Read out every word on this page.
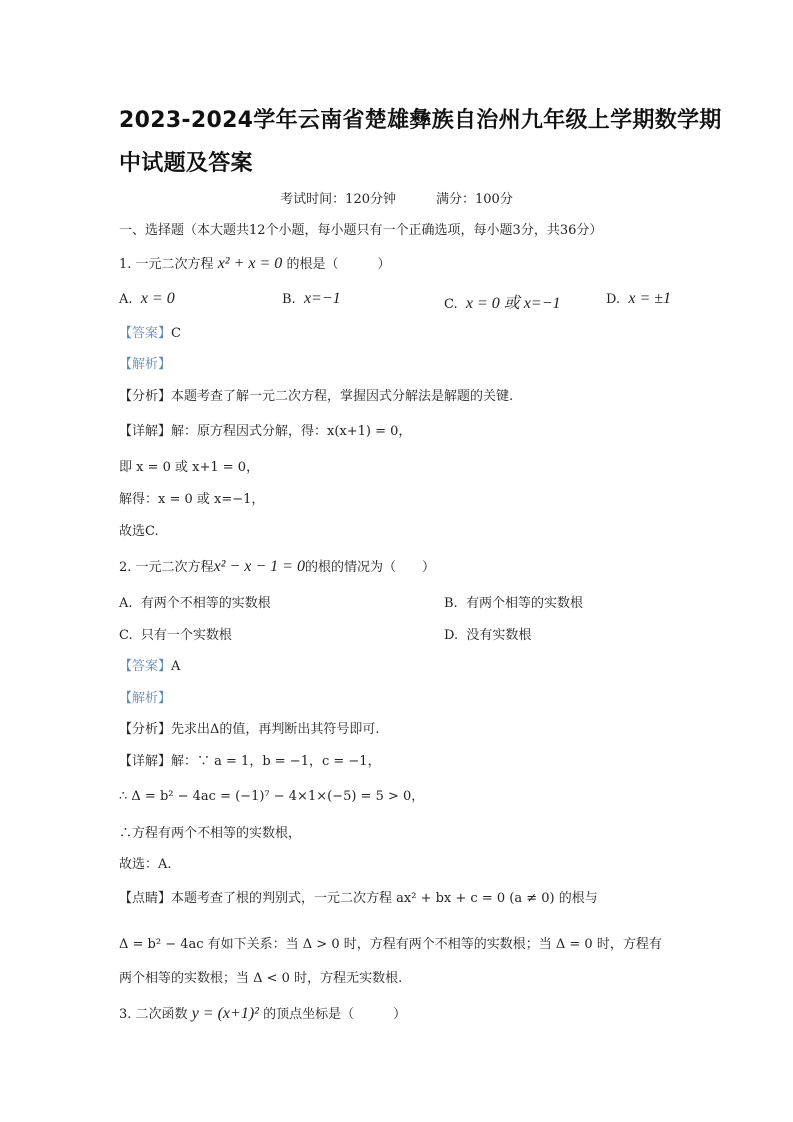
2023-2024学年云南省楚雄彝族自治州九年级上学期数学期
中试题及答案
考试时间：120分钟	满分：100分
一、选择题（本大题共12个小题，每小题只有一个正确选项，每小题3分，共36分）
1. 一元二次方程 x² + x = 0 的根是（　　　）
A. x = 0	B. x=−1	C. x = 0 或 x=−1	D. x = ±1
【答案】C
【解析】
【分析】本题考查了解一元二次方程，掌握因式分解法是解题的关键.
【详解】解：原方程因式分解，得：x(x+1) = 0，
即 x = 0 或 x+1 = 0，
解得：x = 0 或 x=−1，
故选C.
2. 一元二次方程x² − x − 1 = 0的根的情况为（　　）
A. 有两个不相等的实数根	B. 有两个相等的实数根
C. 只有一个实数根	D. 没有实数根
【答案】A
【解析】
【分析】先求出Δ的值，再判断出其符号即可.
【详解】解：∵ a = 1，b = −1，c = −1，
∴ Δ = b² − 4ac = (−1)⁷ − 4×1×(−5) = 5 > 0，
∴方程有两个不相等的实数根，
故选：A.
【点睛】本题考查了根的判别式，一元二次方程 ax² + bx + c = 0 (a ≠ 0) 的根与
Δ = b² − 4ac 有如下关系：当 Δ > 0 时，方程有两个不相等的实数根；当 Δ = 0 时，方程有
两个相等的实数根；当 Δ < 0 时，方程无实数根.
3. 二次函数 y = (x+1)² 的顶点坐标是（　　　）
